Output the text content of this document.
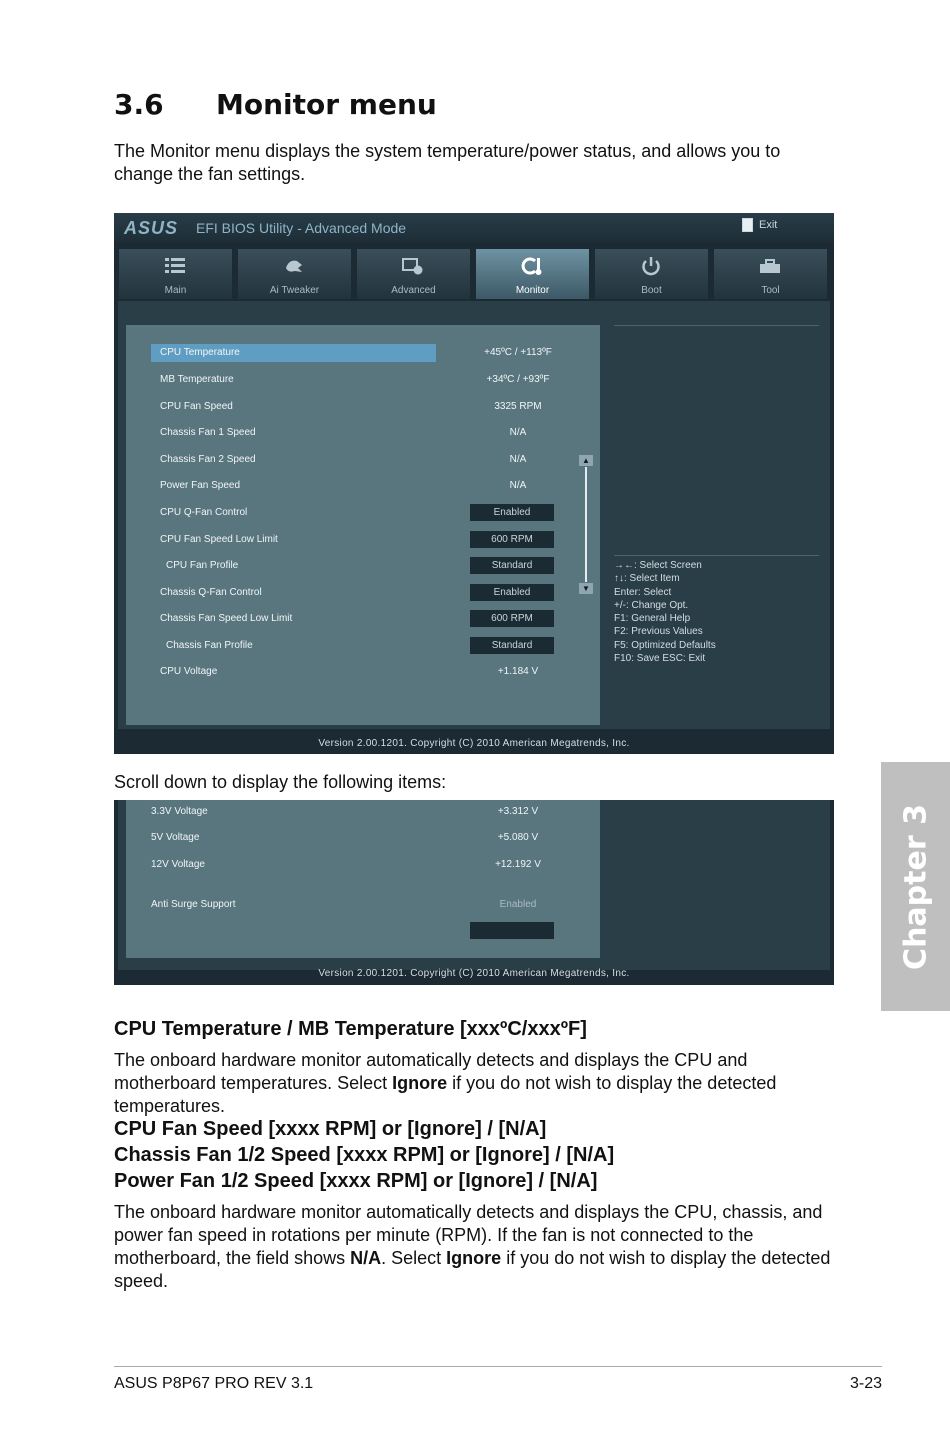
3.6 Monitor menu
The Monitor menu displays the system temperature/power status, and allows you to change the fan settings.
ASUS EFI BIOS Utility - Advanced Mode	Exit
Main	Ai Tweaker	Advanced	Monitor	Boot	Tool
CPU Temperature	+45ºC / +113ºF
MB Temperature	+34ºC / +93ºF
CPU Fan Speed	3325 RPM
Chassis Fan 1 Speed	N/A
Chassis Fan 2 Speed	N/A
Power Fan Speed	N/A
CPU Q-Fan Control	Enabled
CPU Fan Speed Low Limit	600 RPM
CPU Fan Profile	Standard
Chassis Q-Fan Control	Enabled
Chassis Fan Speed Low Limit	600 RPM
Chassis Fan Profile	Standard
CPU Voltage	+1.184 V
▲
▼
→←: Select Screen
↑↓: Select Item
Enter: Select
+/-: Change Opt.
F1: General Help
F2: Previous Values
F5: Optimized Defaults
F10: Save ESC: Exit
Version 2.00.1201. Copyright (C) 2010 American Megatrends, Inc.
Scroll down to display the following items:
3.3V Voltage	+3.312 V
5V Voltage	+5.080 V
12V Voltage	+12.192 V
Anti Surge Support	Enabled
Version 2.00.1201. Copyright (C) 2010 American Megatrends, Inc.
Chapter 3
CPU Temperature / MB Temperature [xxxºC/xxxºF]
The onboard hardware monitor automatically detects and displays the CPU and motherboard temperatures. Select Ignore if you do not wish to display the detected temperatures.
CPU Fan Speed [xxxx RPM] or [Ignore] / [N/A]
Chassis Fan 1/2 Speed [xxxx RPM] or [Ignore] / [N/A]
Power Fan 1/2 Speed [xxxx RPM] or [Ignore] / [N/A]
The onboard hardware monitor automatically detects and displays the CPU, chassis, and power fan speed in rotations per minute (RPM). If the fan is not connected to the motherboard, the field shows N/A. Select Ignore if you do not wish to display the detected speed.
ASUS P8P67 PRO REV 3.1	3-23
